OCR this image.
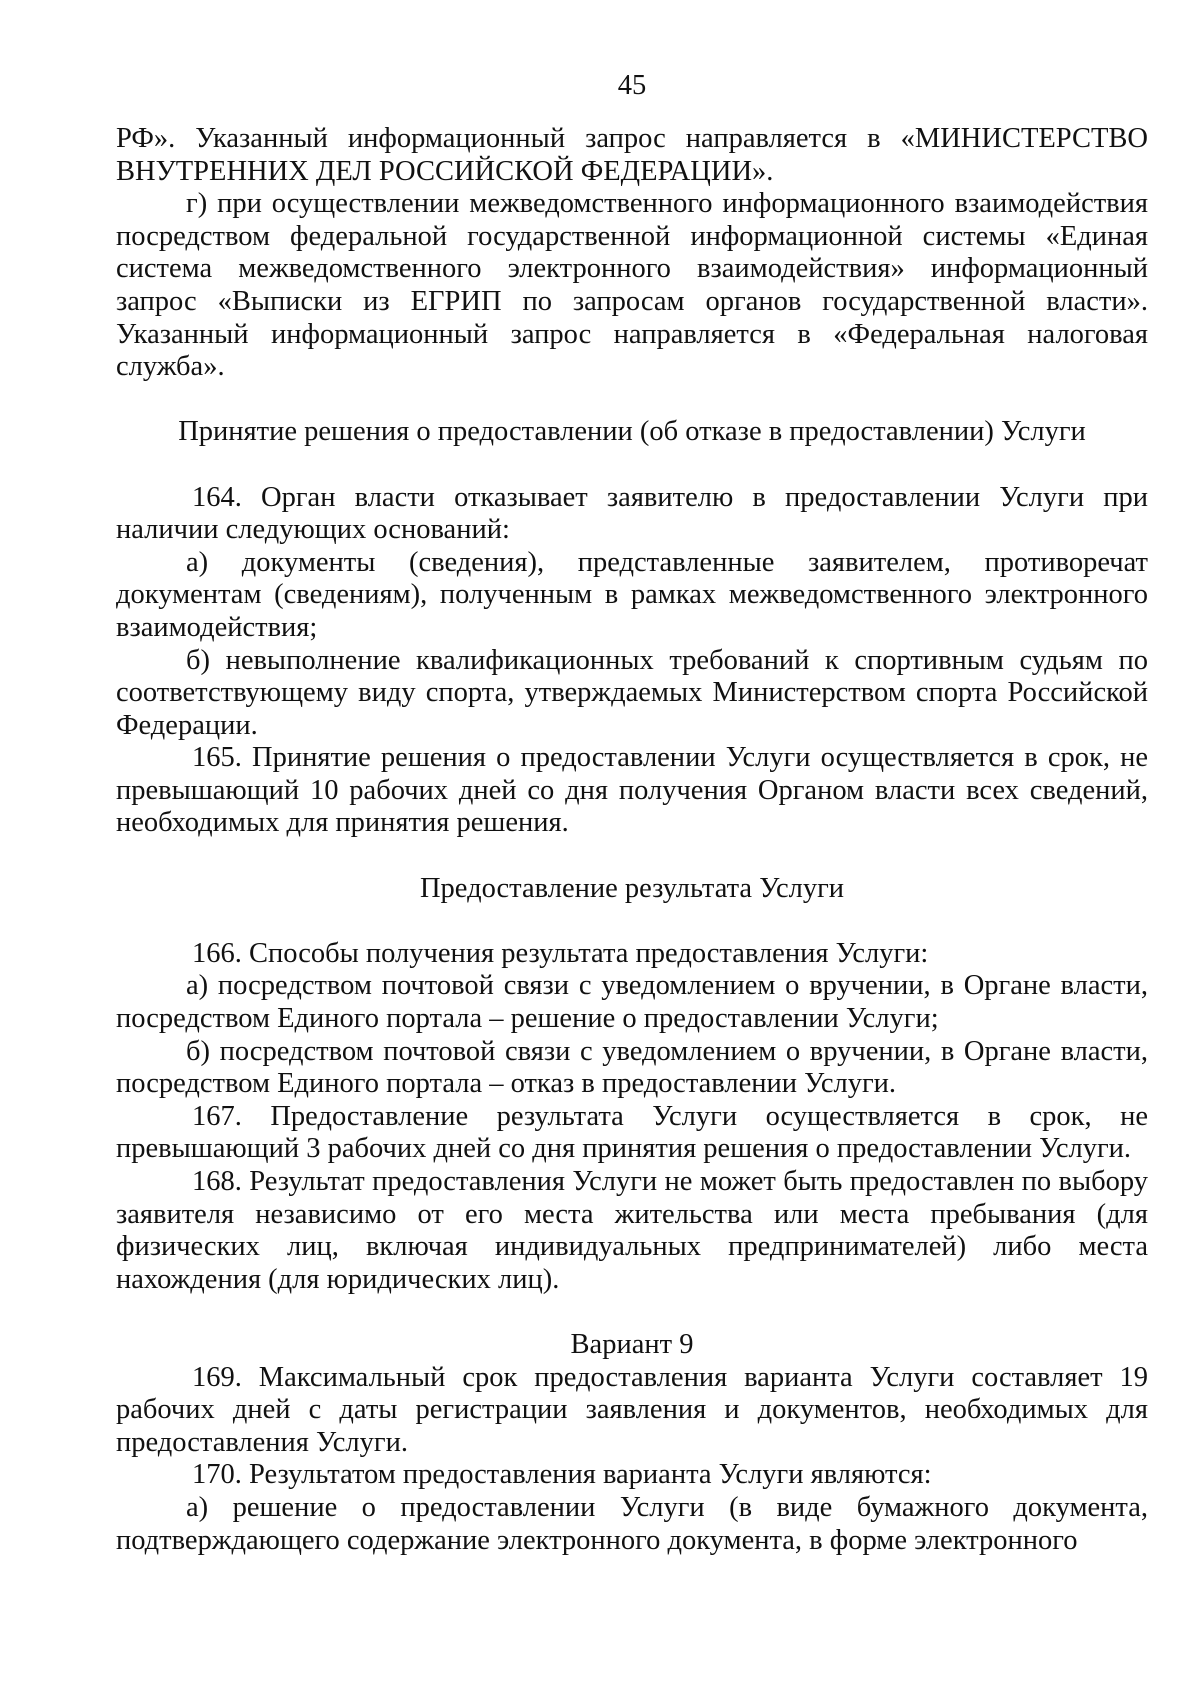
45

РФ». Указанный информационный запрос направляется в «МИНИСТЕРСТВО ВНУТРЕННИХ ДЕЛ РОССИЙСКОЙ ФЕДЕРАЦИИ».

г) при осуществлении межведомственного информационного взаимодействия посредством федеральной государственной информационной системы «Единая система межведомственного электронного взаимодействия» информационный запрос «Выписки из ЕГРИП по запросам органов государственной власти». Указанный информационный запрос направляется в «Федеральная налоговая служба».

Принятие решения о предоставлении (об отказе в предоставлении) Услуги

164. Орган власти отказывает заявителю в предоставлении Услуги при наличии следующих оснований:

а) документы (сведения), представленные заявителем, противоречат документам (сведениям), полученным в рамках межведомственного электронного взаимодействия;

б) невыполнение квалификационных требований к спортивным судьям по соответствующему виду спорта, утверждаемых Министерством спорта Российской Федерации.

165. Принятие решения о предоставлении Услуги осуществляется в срок, не превышающий 10 рабочих дней со дня получения Органом власти всех сведений, необходимых для принятия решения.

Предоставление результата Услуги

166. Способы получения результата предоставления Услуги:

а) посредством почтовой связи с уведомлением о вручении, в Органе власти, посредством Единого портала – решение о предоставлении Услуги;

б) посредством почтовой связи с уведомлением о вручении, в Органе власти, посредством Единого портала – отказ в предоставлении Услуги.

167. Предоставление результата Услуги осуществляется в срок, не превышающий 3 рабочих дней со дня принятия решения о предоставлении Услуги.

168. Результат предоставления Услуги не может быть предоставлен по выбору заявителя независимо от его места жительства или места пребывания (для физических лиц, включая индивидуальных предпринимателей) либо места нахождения (для юридических лиц).

Вариант 9

169. Максимальный срок предоставления варианта Услуги составляет 19 рабочих дней с даты регистрации заявления и документов, необходимых для предоставления Услуги.

170. Результатом предоставления варианта Услуги являются:

а) решение о предоставлении Услуги (в виде бумажного документа, подтверждающего содержание электронного документа, в форме электронного
